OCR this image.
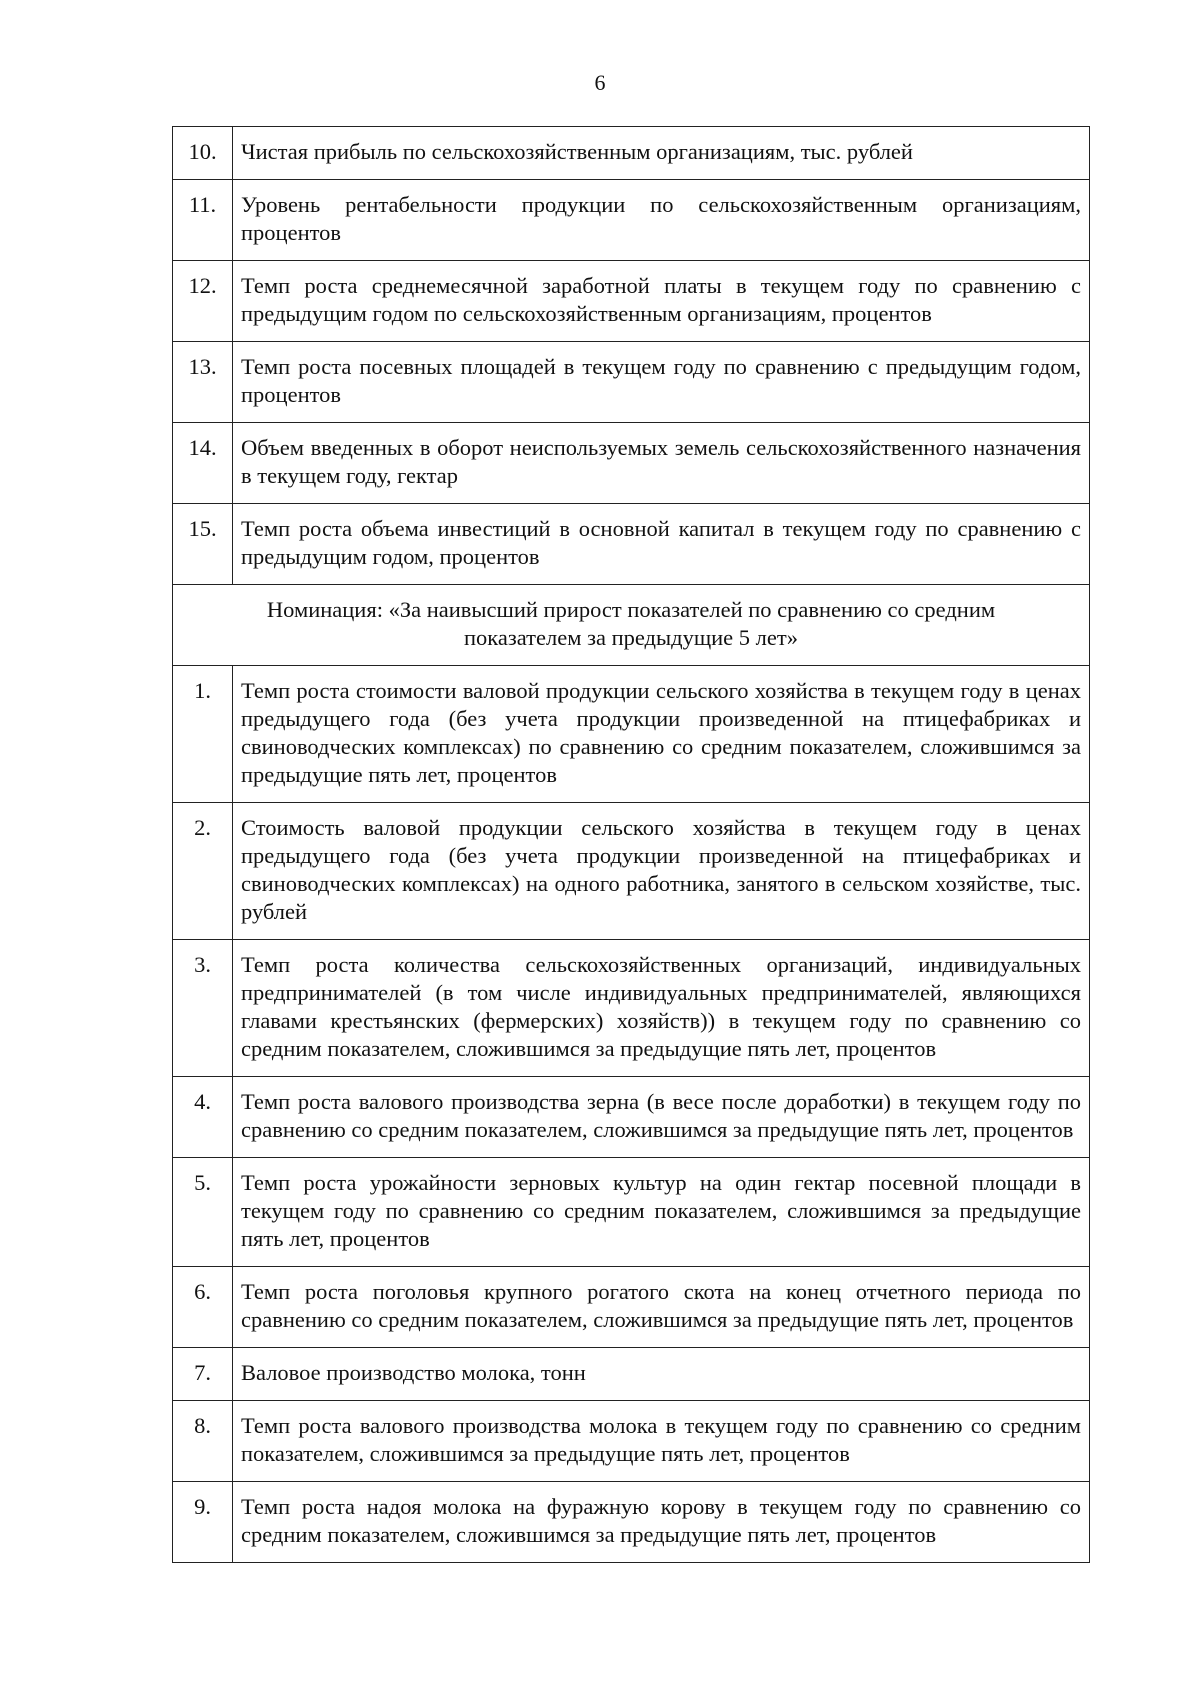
6
10.	Чистая прибыль по сельскохозяйственным организациям, тыс. рублей
11.	Уровень рентабельности продукции по сельскохозяйственным организациям, процентов
12.	Темп роста среднемесячной заработной платы в текущем году по сравнению с предыдущим годом по сельскохозяйственным организациям, процентов
13.	Темп роста посевных площадей в текущем году по сравнению с предыдущим годом, процентов
14.	Объем введенных в оборот неиспользуемых земель сельскохозяйственного назначения в текущем году, гектар
15.	Темп роста объема инвестиций в основной капитал в текущем году по сравнению с предыдущим годом, процентов

Номинация: «За наивысший прирост показателей по сравнению со средним
показателем за предыдущие 5 лет»	

1.	Темп роста стоимости валовой продукции сельского хозяйства в текущем году в ценах предыдущего года (без учета продукции произведенной на птицефабриках и свиноводческих комплексах) по сравнению со средним показателем, сложившимся за предыдущие пять лет, процентов
2.	Стоимость валовой продукции сельского хозяйства в текущем году в ценах предыдущего года (без учета продукции произведенной на птицефабриках и свиноводческих комплексах) на одного работника, занятого в сельском хозяйстве, тыс. рублей
3.	Темп роста количества сельскохозяйственных организаций, индивидуальных предпринимателей (в том числе индивидуальных предпринимателей, являющихся главами крестьянских (фермерских) хозяйств)) в текущем году по сравнению со средним показателем, сложившимся за предыдущие пять лет, процентов
4.	Темп роста валового производства зерна (в весе после доработки) в текущем году по сравнению со средним показателем, сложившимся за предыдущие пять лет, процентов
5.	Темп роста урожайности зерновых культур на один гектар посевной площади в текущем году по сравнению со средним показателем, сложившимся за предыдущие пять лет, процентов
6.	Темп роста поголовья крупного рогатого скота на конец отчетного периода по сравнению со средним показателем, сложившимся за предыдущие пять лет, процентов
7.	Валовое производство молока, тонн
8.	Темп роста валового производства молока в текущем году по сравнению со средним показателем, сложившимся за предыдущие пять лет, процентов
9.	Темп роста надоя молока на фуражную корову в текущем году по сравнению со средним показателем, сложившимся за предыдущие пять лет, процентов
